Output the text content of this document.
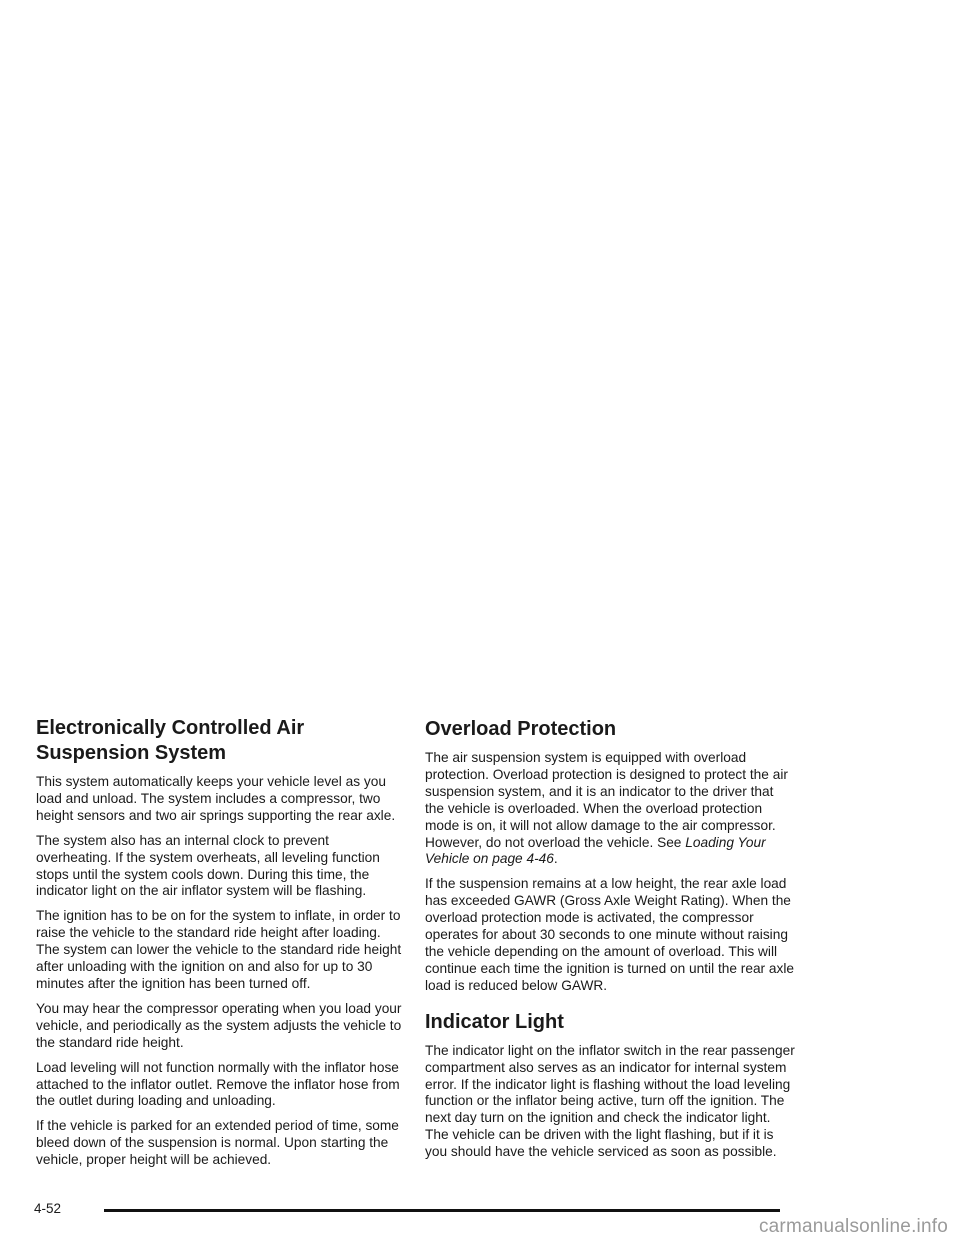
Electronically Controlled Air Suspension System

This system automatically keeps your vehicle level as you load and unload. The system includes a compressor, two height sensors and two air springs supporting the rear axle.

The system also has an internal clock to prevent overheating. If the system overheats, all leveling function stops until the system cools down. During this time, the indicator light on the air inflator system will be flashing.

The ignition has to be on for the system to inflate, in order to raise the vehicle to the standard ride height after loading. The system can lower the vehicle to the standard ride height after unloading with the ignition on and also for up to 30 minutes after the ignition has been turned off.

You may hear the compressor operating when you load your vehicle, and periodically as the system adjusts the vehicle to the standard ride height.

Load leveling will not function normally with the inflator hose attached to the inflator outlet. Remove the inflator hose from the outlet during loading and unloading.

If the vehicle is parked for an extended period of time, some bleed down of the suspension is normal. Upon starting the vehicle, proper height will be achieved.

Overload Protection

The air suspension system is equipped with overload protection. Overload protection is designed to protect the air suspension system, and it is an indicator to the driver that the vehicle is overloaded. When the overload protection mode is on, it will not allow damage to the air compressor. However, do not overload the vehicle. See Loading Your Vehicle on page 4-46.

If the suspension remains at a low height, the rear axle load has exceeded GAWR (Gross Axle Weight Rating). When the overload protection mode is activated, the compressor operates for about 30 seconds to one minute without raising the vehicle depending on the amount of overload. This will continue each time the ignition is turned on until the rear axle load is reduced below GAWR.

Indicator Light

The indicator light on the inflator switch in the rear passenger compartment also serves as an indicator for internal system error. If the indicator light is flashing without the load leveling function or the inflator being active, turn off the ignition. The next day turn on the ignition and check the indicator light. The vehicle can be driven with the light flashing, but if it is you should have the vehicle serviced as soon as possible.

4-52
carmanualsonline.info
